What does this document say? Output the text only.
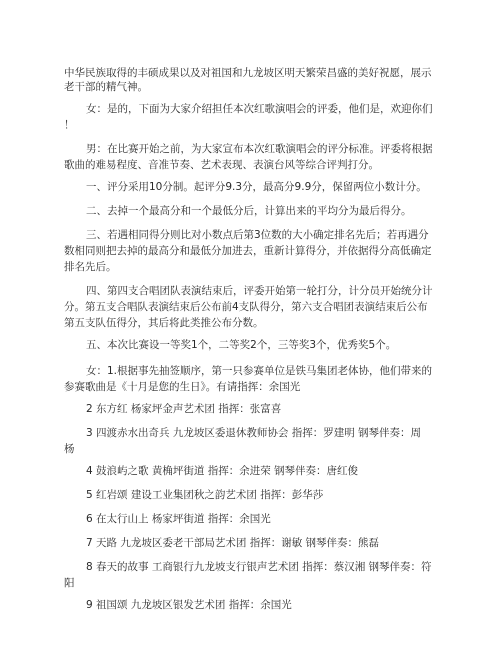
中华民族取得的丰硕成果以及对祖国和九龙坡区明天繁荣昌盛的美好祝愿，展示
老干部的精气神。
女：是的，下面为大家介绍担任本次红歌演唱会的评委，他们是，欢迎你们
！
男：在比赛开始之前，为大家宣布本次红歌演唱会的评分标准。评委将根据
歌曲的难易程度、音准节奏、艺术表现、表演台风等综合评判打分。
一、评分采用10分制。起评分9.3分，最高分9.9分，保留两位小数计分。
二、去掉一个最高分和一个最低分后，计算出来的平均分为最后得分。
三、若遇相同得分则比对小数点后第3位数的大小确定排名先后；若再遇分
数相同则把去掉的最高分和最低分加进去，重新计算得分，并依据得分高低确定
排名先后。
四、第四支合唱团队表演结束后，评委开始第一轮打分，计分员开始统分计
分。第五支合唱队表演结束后公布前4支队得分，第六支合唱团表演结束后公布
第五支队伍得分，其后将此类推公布分数。
五、本次比赛设一等奖1个，二等奖2个，三等奖3个，优秀奖5个。
女：1.根据事先抽签顺序，第一只参赛单位是铁马集团老体协，他们带来的
参赛歌曲是《十月是您的生日》。有请指挥：余国光
2 东方红 杨家坪金声艺术团 指挥：张富喜
3 四渡赤水出奇兵 九龙坡区委退休教师协会 指挥：罗建明 钢琴伴奏：周
杨
4 鼓浪屿之歌 黄桷坪街道 指挥：余进荣 钢琴伴奏：唐红俊
5 红岩颂 建设工业集团秋之韵艺术团 指挥：彭华莎
6 在太行山上 杨家坪街道 指挥：余国光
7 天路 九龙坡区委老干部局艺术团 指挥：谢敏 钢琴伴奏：熊磊
8 春天的故事 工商银行九龙坡支行银声艺术团 指挥：蔡汉湘 钢琴伴奏：符
阳
9 祖国颂 九龙坡区银发艺术团 指挥：余国光
